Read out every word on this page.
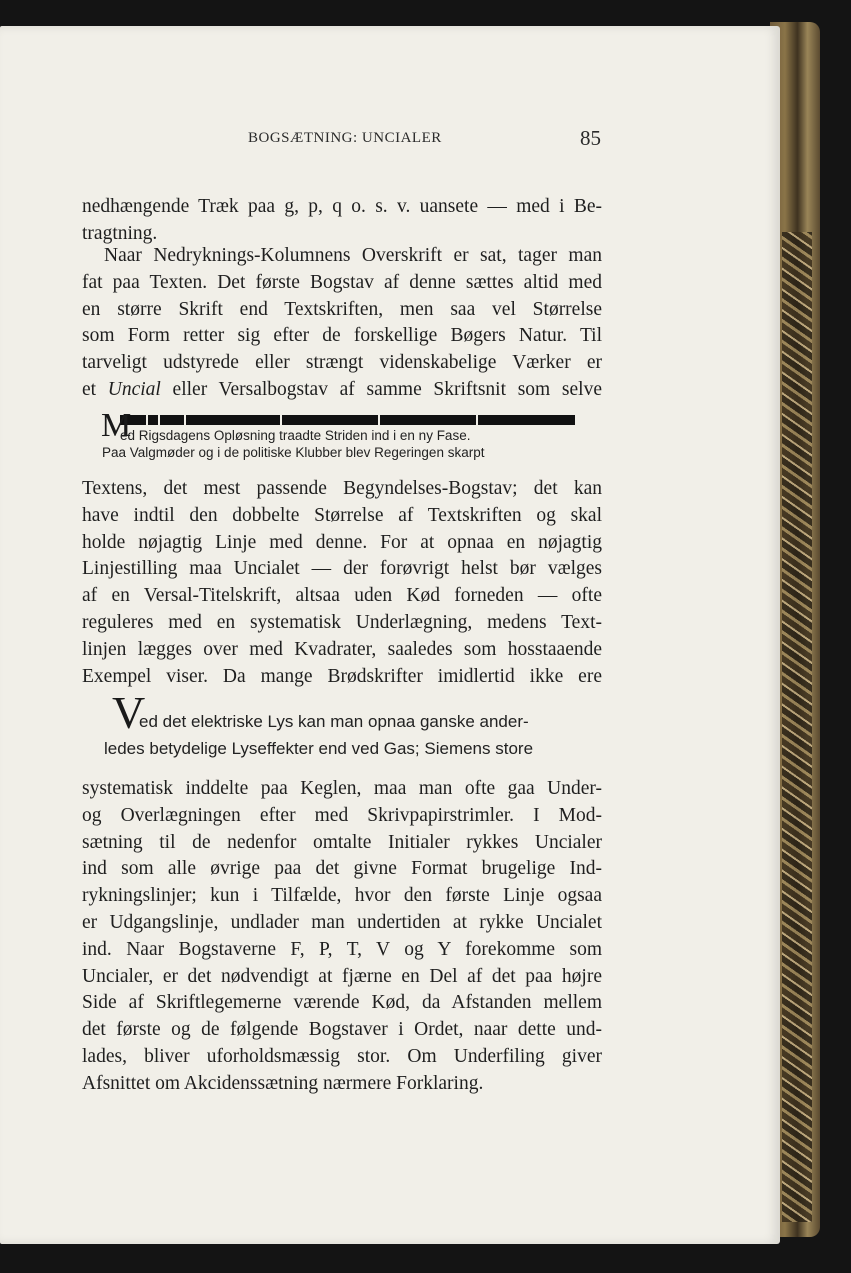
BOGSÆTNING: UNCIALER	85

nedhængende Træk paa g, p, q o. s. v. uansete — med i Be-
tragtning.

Naar Nedryknings-Kolumnens Overskrift er sat, tager man
fat paa Texten. Det første Bogstav af denne sættes altid med
en større Skrift end Textskriften, men saa vel Størrelse
som Form retter sig efter de forskellige Bøgers Natur. Til
tarveligt udstyrede eller strængt videnskabelige Værker er
et Uncial eller Versalbogstav af samme Skriftsnit som selve

M

ed Rigsdagens Opløsning traadte Striden ind i en ny Fase.

Paa Valgmøder og i de politiske Klubber blev Regeringen skarpt

Textens, det mest passende Begyndelses-Bogstav; det kan
have indtil den dobbelte Størrelse af Textskriften og skal
holde nøjagtig Linje med denne. For at opnaa en nøjagtig
Linjestilling maa Uncialet — der forøvrigt helst bør vælges
af en Versal-Titelskrift, altsaa uden Kød forneden — ofte
reguleres med en systematisk Underlægning, medens Text-
linjen lægges over med Kvadrater, saaledes som hosstaaende
Exempel viser. Da mange Brødskrifter imidlertid ikke ere

V

ed det elektriske Lys kan man opnaa ganske ander-

ledes betydelige Lyseffekter end ved Gas; Siemens store

systematisk inddelte paa Keglen, maa man ofte gaa Under-
og Overlægningen efter med Skrivpapirstrimler. I Mod-
sætning til de nedenfor omtalte Initialer rykkes Uncialer
ind som alle øvrige paa det givne Format brugelige Ind-
rykningslinjer; kun i Tilfælde, hvor den første Linje ogsaa
er Udgangslinje, undlader man undertiden at rykke Uncialet
ind. Naar Bogstaverne F, P, T, V og Y forekomme som
Uncialer, er det nødvendigt at fjærne en Del af det paa højre
Side af Skriftlegemerne værende Kød, da Afstanden mellem
det første og de følgende Bogstaver i Ordet, naar dette und-
lades, bliver uforholdsmæssig stor. Om Underfiling giver
Afsnittet om Akcidenssætning nærmere Forklaring.
